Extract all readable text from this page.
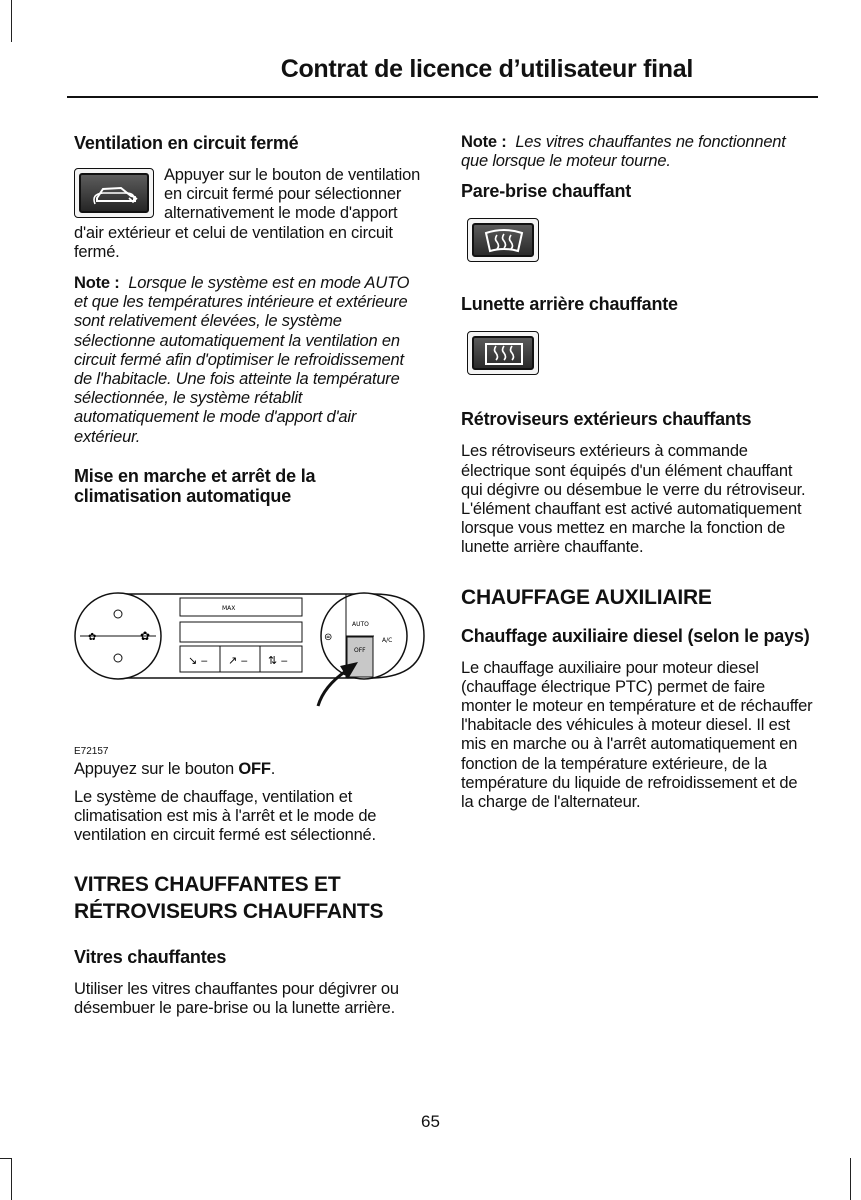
Contrat de licence d’utilisateur final
Ventilation en circuit fermé

Appuyer sur le bouton de ventilation en circuit fermé pour sélectionner alternativement le mode d'apport d'air extérieur et celui de ventilation en circuit fermé.

Note : Lorsque le système est en mode AUTO et que les températures intérieure et extérieure sont relativement élevées, le système sélectionne automatiquement la ventilation en circuit fermé afin d'optimiser le refroidissement de l'habitacle. Une fois atteinte la température sélectionnée, le système rétablit automatiquement le mode d'apport d'air extérieur.

Mise en marche et arrêt de la climatisation automatique
✿	✿
MAX
↘ ‒ ↗ ‒ ⇅ ‒
AUTO
A/C
OFF
⊜
E72157

Appuyez sur le bouton OFF.

Le système de chauffage, ventilation et climatisation est mis à l'arrêt et le mode de ventilation en circuit fermé est sélectionné.

VITRES CHAUFFANTES ET RÉTROVISEURS CHAUFFANTS
Vitres chauffantes

Utiliser les vitres chauffantes pour dégivrer ou désembuer le pare-brise ou la lunette arrière.

Note : Les vitres chauffantes ne fonctionnent que lorsque le moteur tourne.

Pare-brise chauffant
Lunette arrière chauffante
Rétroviseurs extérieurs chauffants

Les rétroviseurs extérieurs à commande électrique sont équipés d'un élément chauffant qui dégivre ou désembue le verre du rétroviseur. L'élément chauffant est activé automatiquement lorsque vous mettez en marche la fonction de lunette arrière chauffante.

CHAUFFAGE AUXILIAIRE
Chauffage auxiliaire diesel (selon le pays)

Le chauffage auxiliaire pour moteur diesel (chauffage électrique PTC) permet de faire monter le moteur en température et de réchauffer l'habitacle des véhicules à moteur diesel. Il est mis en marche ou à l'arrêt automatiquement en fonction de la température extérieure, de la température du liquide de refroidissement et de la charge de l'alternateur.

65
